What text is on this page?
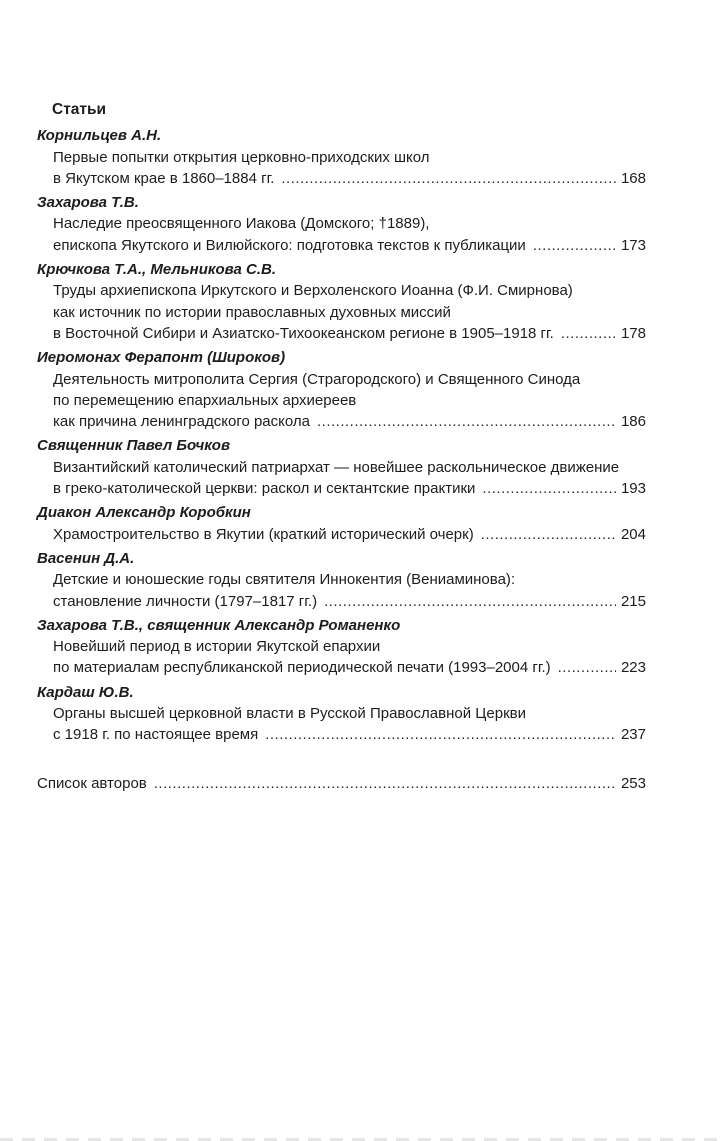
Статьи
Корнильцев А.Н.
Первые попытки открытия церковно-приходских школ
в Якутском крае в 1860–1884 гг. .....	168
Захарова Т.В.
Наследие преосвященного Иакова (Домского; †1889),
епископа Якутского и Вилюйского: подготовка текстов к публикации .....	173
Крючкова Т.А., Мельникова С.В.
Труды архиепископа Иркутского и Верхоленского Иоанна (Ф.И. Смирнова)
как источник по истории православных духовных миссий
в Восточной Сибири и Азиатско-Тихоокеанском регионе в 1905–1918 гг. .....	178
Иеромонах Ферапонт (Широков)
Деятельность митрополита Сергия (Страгородского) и Священного Синода
по перемещению епархиальных архиереев
как причина ленинградского раскола .....	186
Священник Павел Бочков
Византийский католический патриархат — новейшее раскольническое движение
в греко-католической церкви: раскол и сектантские практики .....	193
Диакон Александр Коробкин
Храмостроительство в Якутии (краткий исторический очерк) .....	204
Васенин Д.А.
Детские и юношеские годы святителя Иннокентия (Вениаминова):
становление личности (1797–1817 гг.) .....	215
Захарова Т.В., священник Александр Романенко
Новейший период в истории Якутской епархии
по материалам республиканской периодической печати (1993–2004 гг.) .....	223
Кардаш Ю.В.
Органы высшей церковной власти в Русской Православной Церкви
с 1918 г. по настоящее время .....	237
Список авторов .....	253
